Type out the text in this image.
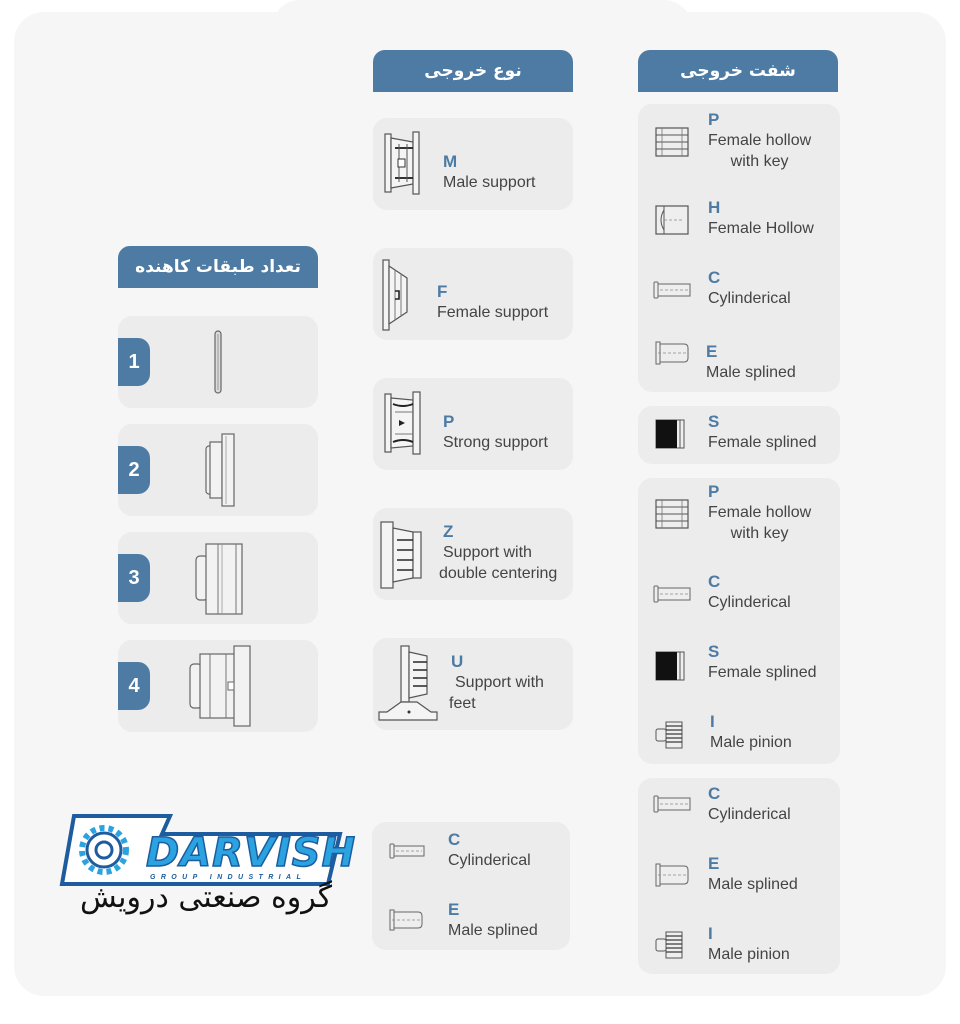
تعداد طبقات کاهنده
نوع خروجی	شفت خروجی
1
2
3
4
M
Male support
F
Female support
P
Strong support
Z
Support with
double centering
U
Support with
feet
C
Cylinderical
E
Male splined
P
Female hollow
with key
H
Female Hollow
C
Cylinderical
E
Male splined
S
Female splined
P
Female hollow
with key
C
Cylinderical
S
Female splined
I
Male pinion
C
Cylinderical
E
Male splined
I
Male pinion
DARVISH
GROUP INDUSTRIAL
گروه صنعتی درویش
